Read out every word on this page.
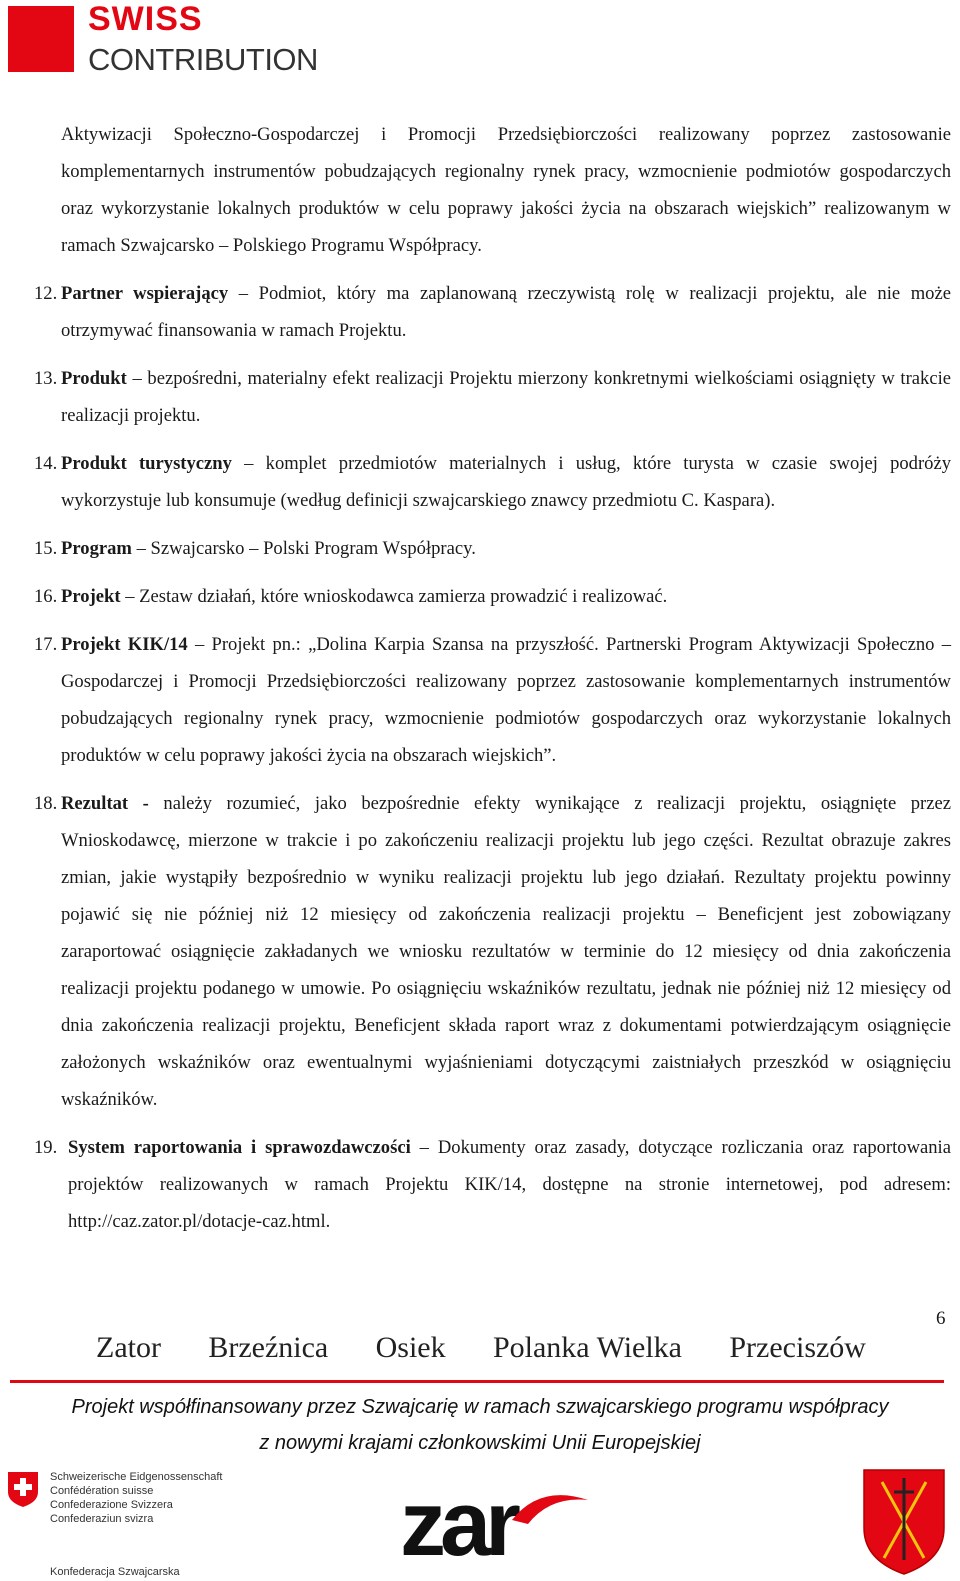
SWISS
CONTRIBUTION

Aktywizacji Społeczno-Gospodarczej i Promocji Przedsiębiorczości realizowany poprzez zastosowanie komplementarnych instrumentów pobudzających regionalny rynek pracy, wzmocnienie podmiotów gospodarczych oraz wykorzystanie lokalnych produktów w celu poprawy jakości życia na obszarach wiejskich” realizowanym w ramach Szwajcarsko – Polskiego Programu Współpracy.

12. Partner wspierający – Podmiot, który ma zaplanowaną rzeczywistą rolę w realizacji projektu, ale nie może otrzymywać finansowania w ramach Projektu.

13. Produkt – bezpośredni, materialny efekt realizacji Projektu mierzony konkretnymi wielkościami osiągnięty w trakcie realizacji projektu.

14. Produkt turystyczny – komplet przedmiotów materialnych i usług, które turysta w czasie swojej podróży wykorzystuje lub konsumuje (według definicji szwajcarskiego znawcy przedmiotu C. Kaspara).

15. Program – Szwajcarsko – Polski Program Współpracy.

16. Projekt – Zestaw działań, które wnioskodawca zamierza prowadzić i realizować.

17. Projekt KIK/14 – Projekt pn.: „Dolina Karpia Szansa na przyszłość. Partnerski Program Aktywizacji Społeczno – Gospodarczej i Promocji Przedsiębiorczości realizowany poprzez zastosowanie komplementarnych instrumentów pobudzających regionalny rynek pracy, wzmocnienie podmiotów gospodarczych oraz wykorzystanie lokalnych produktów w celu poprawy jakości życia na obszarach wiejskich”.

18. Rezultat - należy rozumieć, jako bezpośrednie efekty wynikające z realizacji projektu, osiągnięte przez Wnioskodawcę, mierzone w trakcie i po zakończeniu realizacji projektu lub jego części. Rezultat obrazuje zakres zmian, jakie wystąpiły bezpośrednio w wyniku realizacji projektu lub jego działań. Rezultaty projektu powinny pojawić się nie później niż 12 miesięcy od zakończenia realizacji projektu – Beneficjent jest zobowiązany zaraportować osiągnięcie zakładanych we wniosku rezultatów w terminie do 12 miesięcy od dnia zakończenia realizacji projektu podanego w umowie. Po osiągnięciu wskaźników rezultatu, jednak nie później niż 12 miesięcy od dnia zakończenia realizacji projektu, Beneficjent składa raport wraz z dokumentami potwierdzającym osiągnięcie założonych wskaźników oraz ewentualnymi wyjaśnieniami dotyczącymi zaistniałych przeszkód w osiągnięciu wskaźników.

19. System raportowania i sprawozdawczości – Dokumenty oraz zasady, dotyczące rozliczania oraz raportowania projektów realizowanych w ramach Projektu KIK/14, dostępne na stronie internetowej, pod adresem: http://caz.zator.pl/dotacje-caz.html.

6
Zator Brzeźnica Osiek Polanka Wielka Przeciszów
Projekt współfinansowany przez Szwajcarię w ramach szwajcarskiego programu współpracy
z nowymi krajami członkowskimi Unii Europejskiej
Schweizerische Eidgenossenschaft
Confédération suisse
Confederazione Svizzera
Confederaziun svizra
Konfederacja Szwajcarska zar
